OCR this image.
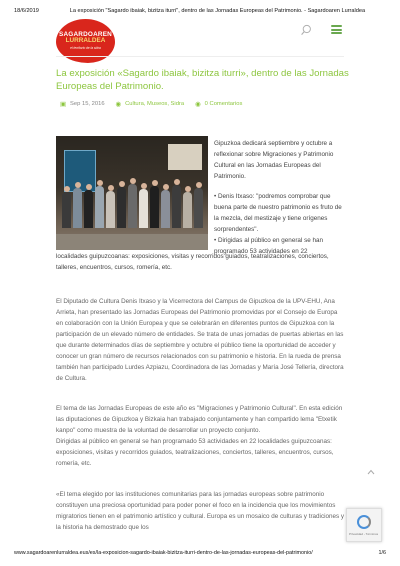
18/6/2019	La exposición "Sagardo ibaiak, bizitza iturri", dentro de las Jornadas Europeas del Patrimonio. - Sagardoaren Lurraldea
SAGARDOAREN
LURRALDEA
el territorio de la sidra
La exposición «Sagardo ibaiak, bizitza iturri», dentro de las Jornadas Europeas del Patrimonio.
▣ Sep 15, 2016 ◉ Cultura, Museos, Sidra ◉ 0 Comentarios

Gipuzkoa dedicará septiembre y octubre a reflexionar sobre Migraciones y Patrimonio Cultural en las Jornadas Europeas del Patrimonio.

• Denis Itxaso: "podremos comprobar que buena parte de nuestro patrimonio es fruto de la mezcla, del mestizaje y tiene orígenes sorprendentes".

• Dirigidas al público en general se han programado 53 actividades en 22

localidades guipuzcoanas: exposiciones, visitas y recorridos guiados, teatralizaciones, conciertos, talleres, encuentros, cursos, romería, etc.
El Diputado de Cultura Denis Itxaso y la Vicerrectora del Campus de Gipuzkoa de la UPV-EHU, Ana Arrieta, han presentado las Jornadas Europeas del Patrimonio promovidas por el Consejo de Europa en colaboración con la Unión Europea y que se celebrarán en diferentes puntos de Gipuzkoa con la participación de un elevado número de entidades. Se trata de unas jornadas de puertas abiertas en las que durante determinados días de septiembre y octubre el público tiene la oportunidad de acceder y conocer un gran número de recursos relacionados con su patrimonio e historia. En la rueda de prensa también han participado Lurdes Azpiazu, Coordinadora de las Jornadas y María José Tellería, directora de Cultura.

El tema de las Jornadas Europeas de este año es "Migraciones y Patrimonio Cultural". En esta edición las diputaciones de Gipuzkoa y Bizkaia han trabajado conjuntamente y han compartido lema "Etxetik kanpo" como muestra de la voluntad de desarrollar un proyecto conjunto.

Dirigidas al público en general se han programado 53 actividades en 22 localidades guipuzcoanas: exposiciones, visitas y recorridos guiados, teatralizaciones, conciertos, talleres, encuentros, cursos, romería, etc.

«El tema elegido por las instituciones comunitarias para las jornadas europeas sobre patrimonio constituyen una preciosa oportunidad para poder poner el foco en la incidencia que los movimientos migratorios tienen en el patrimonio artístico y cultural. Europa es un mosaico de culturas y tradiciones y la historia ha demostrado que los
Privacidad - Términos
www.sagardoarenlurraldea.eus/es/la-exposicion-sagardo-ibaiak-bizitza-iturri-dentro-de-las-jornadas-europeas-del-patrimonio/	1/6
